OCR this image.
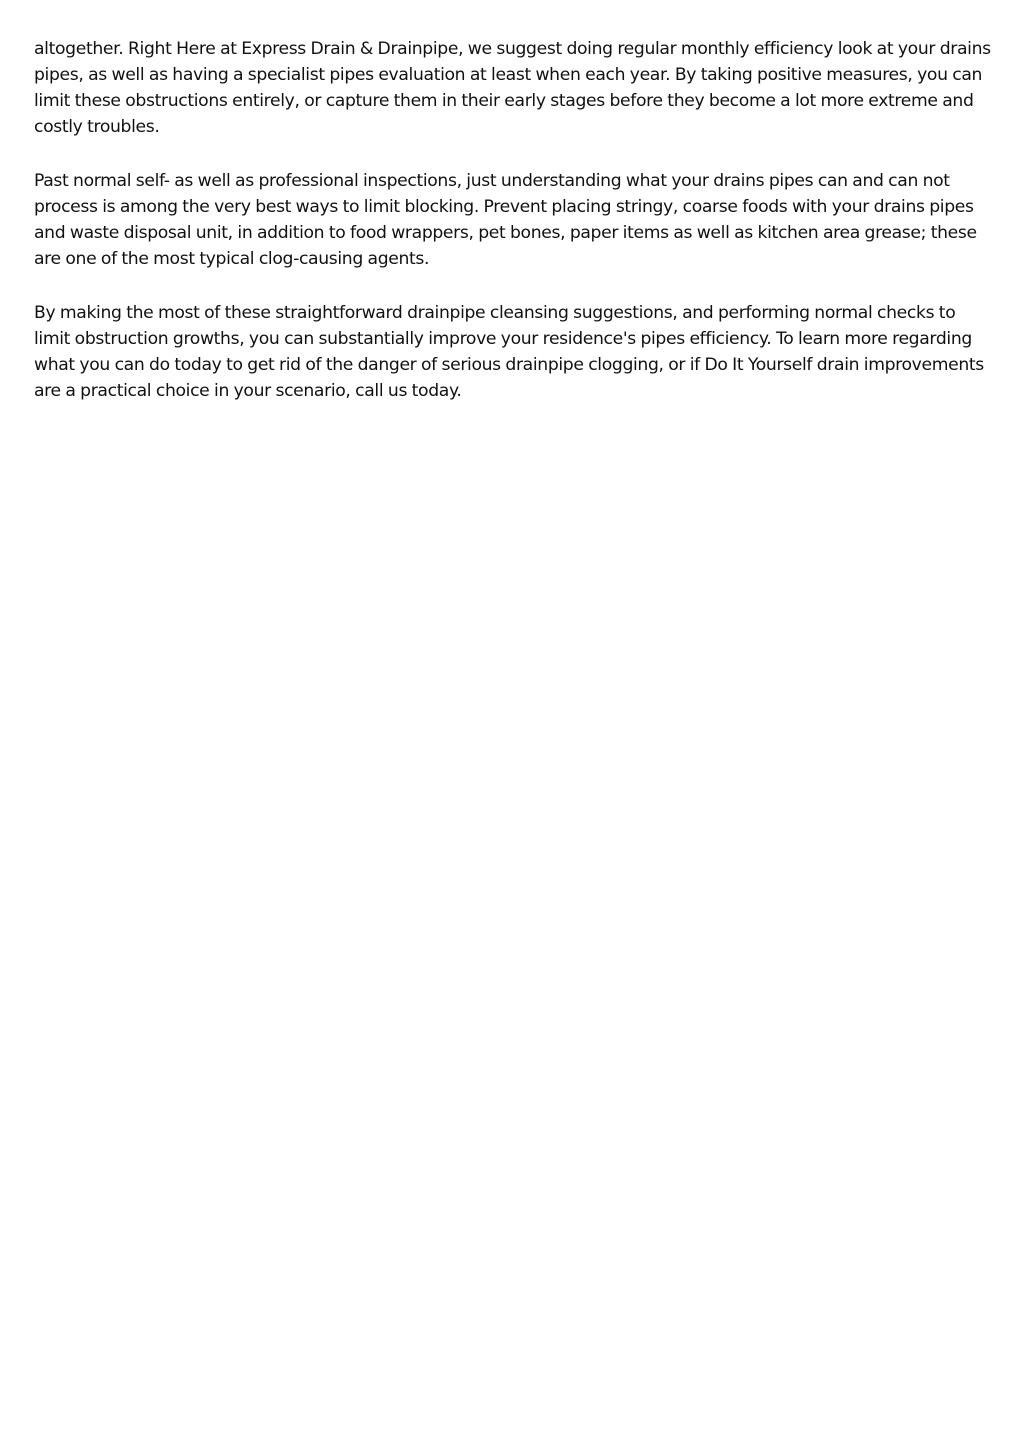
altogether. Right Here at Express Drain & Drainpipe, we suggest doing regular monthly efficiency look at your drains pipes, as well as having a specialist pipes evaluation at least when each year. By taking positive measures, you can limit these obstructions entirely, or capture them in their early stages before they become a lot more extreme and costly troubles.

Past normal self- as well as professional inspections, just understanding what your drains pipes can and can not process is among the very best ways to limit blocking. Prevent placing stringy, coarse foods with your drains pipes and waste disposal unit, in addition to food wrappers, pet bones, paper items as well as kitchen area grease; these are one of the most typical clog-causing agents.

By making the most of these straightforward drainpipe cleansing suggestions, and performing normal checks to limit obstruction growths, you can substantially improve your residence's pipes efficiency. To learn more regarding what you can do today to get rid of the danger of serious drainpipe clogging, or if Do It Yourself drain improvements are a practical choice in your scenario, call us today.
